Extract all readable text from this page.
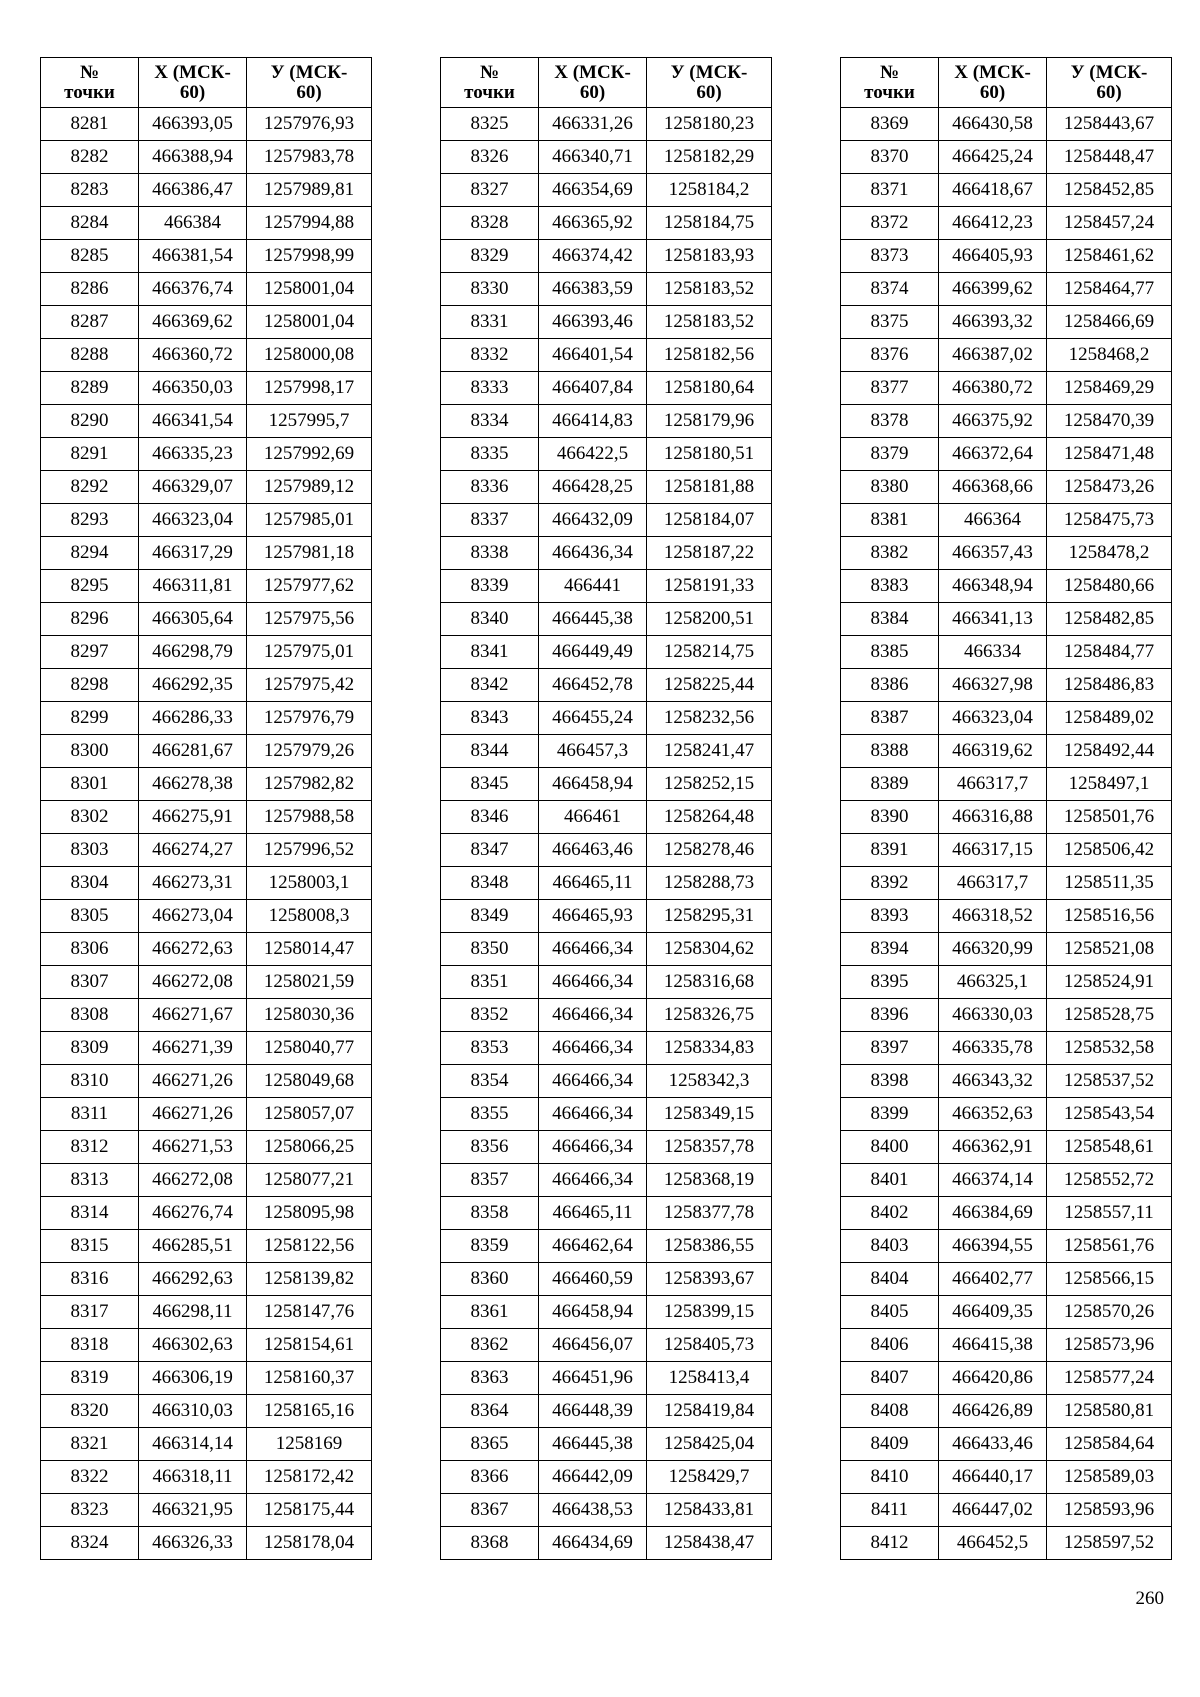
№
точки	X (МСК-
60)	У (МСК-
60)
8281	466393,05	1257976,93
8282	466388,94	1257983,78
8283	466386,47	1257989,81
8284	466384	1257994,88
8285	466381,54	1257998,99
8286	466376,74	1258001,04
8287	466369,62	1258001,04
8288	466360,72	1258000,08
8289	466350,03	1257998,17
8290	466341,54	1257995,7
8291	466335,23	1257992,69
8292	466329,07	1257989,12
8293	466323,04	1257985,01
8294	466317,29	1257981,18
8295	466311,81	1257977,62
8296	466305,64	1257975,56
8297	466298,79	1257975,01
8298	466292,35	1257975,42
8299	466286,33	1257976,79
8300	466281,67	1257979,26
8301	466278,38	1257982,82
8302	466275,91	1257988,58
8303	466274,27	1257996,52
8304	466273,31	1258003,1
8305	466273,04	1258008,3
8306	466272,63	1258014,47
8307	466272,08	1258021,59
8308	466271,67	1258030,36
8309	466271,39	1258040,77
8310	466271,26	1258049,68
8311	466271,26	1258057,07
8312	466271,53	1258066,25
8313	466272,08	1258077,21
8314	466276,74	1258095,98
8315	466285,51	1258122,56
8316	466292,63	1258139,82
8317	466298,11	1258147,76
8318	466302,63	1258154,61
8319	466306,19	1258160,37
8320	466310,03	1258165,16
8321	466314,14	1258169
8322	466318,11	1258172,42
8323	466321,95	1258175,44
8324	466326,33	1258178,04
№
точки	X (МСК-
60)	У (МСК-
60)
8325	466331,26	1258180,23
8326	466340,71	1258182,29
8327	466354,69	1258184,2
8328	466365,92	1258184,75
8329	466374,42	1258183,93
8330	466383,59	1258183,52
8331	466393,46	1258183,52
8332	466401,54	1258182,56
8333	466407,84	1258180,64
8334	466414,83	1258179,96
8335	466422,5	1258180,51
8336	466428,25	1258181,88
8337	466432,09	1258184,07
8338	466436,34	1258187,22
8339	466441	1258191,33
8340	466445,38	1258200,51
8341	466449,49	1258214,75
8342	466452,78	1258225,44
8343	466455,24	1258232,56
8344	466457,3	1258241,47
8345	466458,94	1258252,15
8346	466461	1258264,48
8347	466463,46	1258278,46
8348	466465,11	1258288,73
8349	466465,93	1258295,31
8350	466466,34	1258304,62
8351	466466,34	1258316,68
8352	466466,34	1258326,75
8353	466466,34	1258334,83
8354	466466,34	1258342,3
8355	466466,34	1258349,15
8356	466466,34	1258357,78
8357	466466,34	1258368,19
8358	466465,11	1258377,78
8359	466462,64	1258386,55
8360	466460,59	1258393,67
8361	466458,94	1258399,15
8362	466456,07	1258405,73
8363	466451,96	1258413,4
8364	466448,39	1258419,84
8365	466445,38	1258425,04
8366	466442,09	1258429,7
8367	466438,53	1258433,81
8368	466434,69	1258438,47
№
точки	X (МСК-
60)	У (МСК-
60)
8369	466430,58	1258443,67
8370	466425,24	1258448,47
8371	466418,67	1258452,85
8372	466412,23	1258457,24
8373	466405,93	1258461,62
8374	466399,62	1258464,77
8375	466393,32	1258466,69
8376	466387,02	1258468,2
8377	466380,72	1258469,29
8378	466375,92	1258470,39
8379	466372,64	1258471,48
8380	466368,66	1258473,26
8381	466364	1258475,73
8382	466357,43	1258478,2
8383	466348,94	1258480,66
8384	466341,13	1258482,85
8385	466334	1258484,77
8386	466327,98	1258486,83
8387	466323,04	1258489,02
8388	466319,62	1258492,44
8389	466317,7	1258497,1
8390	466316,88	1258501,76
8391	466317,15	1258506,42
8392	466317,7	1258511,35
8393	466318,52	1258516,56
8394	466320,99	1258521,08
8395	466325,1	1258524,91
8396	466330,03	1258528,75
8397	466335,78	1258532,58
8398	466343,32	1258537,52
8399	466352,63	1258543,54
8400	466362,91	1258548,61
8401	466374,14	1258552,72
8402	466384,69	1258557,11
8403	466394,55	1258561,76
8404	466402,77	1258566,15
8405	466409,35	1258570,26
8406	466415,38	1258573,96
8407	466420,86	1258577,24
8408	466426,89	1258580,81
8409	466433,46	1258584,64
8410	466440,17	1258589,03
8411	466447,02	1258593,96
8412	466452,5	1258597,52
260
